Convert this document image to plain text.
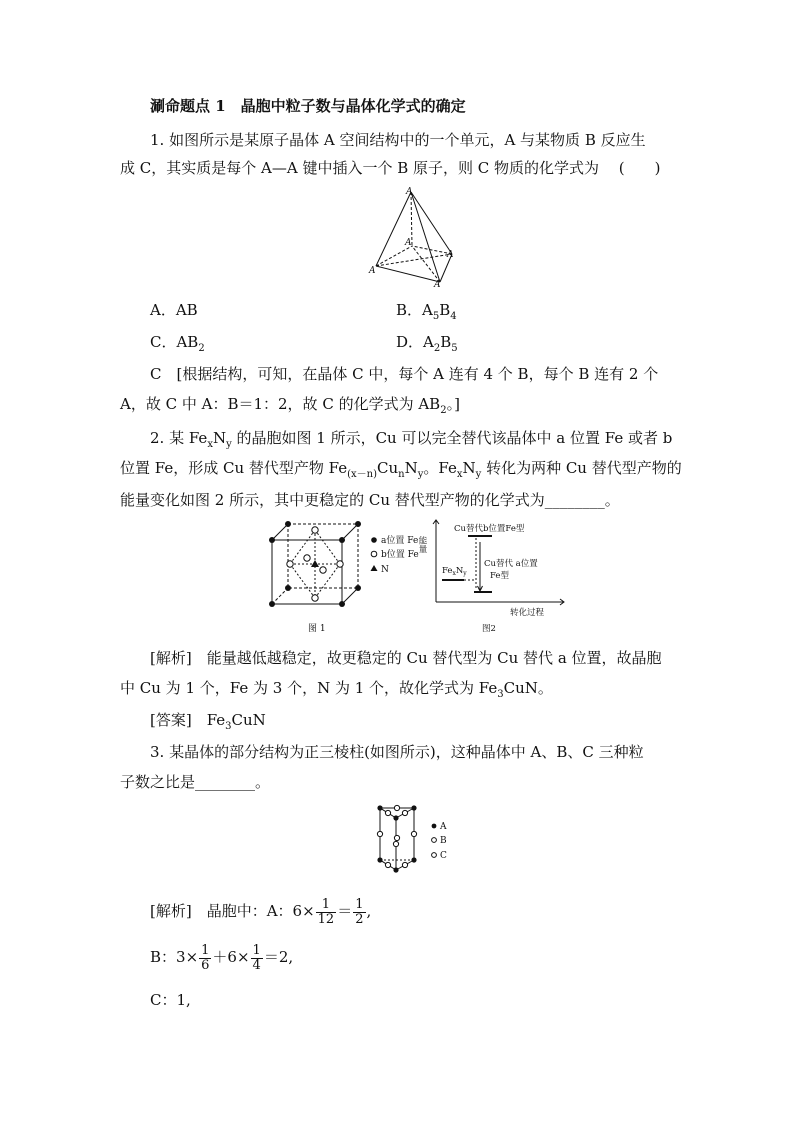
涮命题点 1　晶胞中粒子数与晶体化学式的确定
1. 如图所示是某原子晶体 A 空间结构中的一个单元，A 与某物质 B 反应生
成 C，其实质是每个 A—A 键中插入一个 B 原子，则 C 物质的化学式为　 (　　)
A
A
A
A
A
A．AB	B．$A_5B_4$
C．$AB_2$	D．$A_2B_5$
C　[根据结构，可知，在晶体 C 中，每个 A 连有 4 个 B，每个 B 连有 2 个
A，故 C 中 A：B＝1：2，故 C 的化学式为 $AB_2$。]
2. 某 $Fe_xN_y$ 的晶胞如图 1 所示，Cu 可以完全替代该晶体中 a 位置 Fe 或者 b
位置 Fe，形成 Cu 替代型产物 $Fe_{(x-n)}Cu_nN_y$。$Fe_xN_y$ 转化为两种 Cu 替代型产物的
能量变化如图 2 所示，其中更稳定的 Cu 替代型产物的化学式为________。
a位置 Fe
b位置 Fe
N
图 1
能量
Cu替代b位置Fe型
Cu替代 a位置
Fe型
$Fe_xN_y$
转化过程
图2
[解析]　能量越低越稳定，故更稳定的 Cu 替代型为 Cu 替代 a 位置，故晶胞
中 Cu 为 1 个，Fe 为 3 个，N 为 1 个，故化学式为 $Fe_3CuN$。
[答案]　$Fe_3CuN$
3. 某晶体的部分结构为正三棱柱(如图所示)，这种晶体中 A、B、C 三种粒
子数之比是________。
A
B
C
[解析]　晶胞中：A：$6\times \frac{1}{12} = \frac{1}{2}$ ,
B：$3\times \frac{1}{6} +6\times \frac{1}{4} =2$,
C：1,
